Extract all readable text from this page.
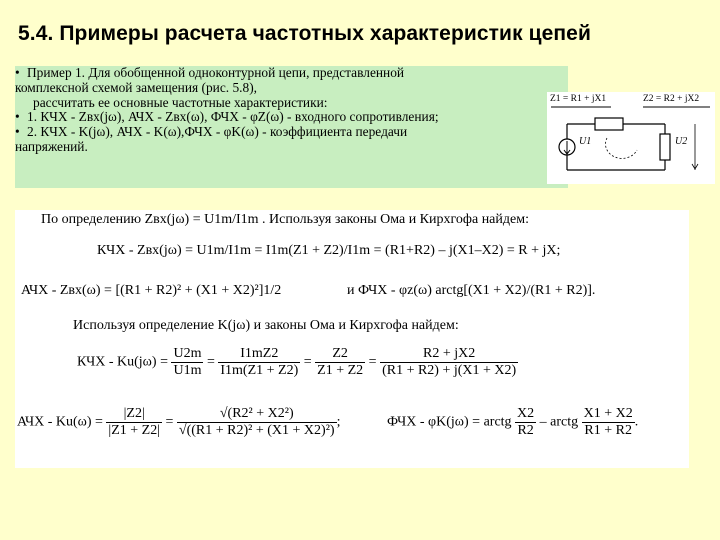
5.4. Примеры расчета частотных характеристик цепей

• Пример 1. Для обобщенной одноконтурной цепи, представленной

комплексной схемой замещения (рис. 5.8),

рассчитать ее основные частотные характеристики:

• 1. КЧХ - Zвх(jω), АЧХ - Zвх(ω), ФЧХ - φZ(ω) - входного сопротивления;

• 2. КЧХ - K(jω), АЧХ - K(ω),ФЧХ - φK(ω) - коэффициента передачи

напряжений.

Z1 = R1 + jX1	Z2 = R2 + jX2
U1	U2
По определению Zвх(jω) = U1m/I1m . Используя законы Ома и Кирхгофа найдем:
КЧХ - Zвх(jω) = U1m/I1m = I1m(Z1 + Z2)/I1m = (R1+R2) – j(X1–X2) = R + jX;
АЧХ - Zвх(ω) = [(R1 + R2)² + (X1 + X2)²]1/2	и ФЧХ - φz(ω) arctg[(X1 + X2)/(R1 + R2)].
Используя определение K(jω) и законы Ома и Кирхгофа найдем:
КЧХ - $Ku(j\omega) = \frac{U2m}{U1m} = \frac{I1mZ2}{I1m(Z1 + Z2)} = \frac{Z2}{Z1 + Z2} = \frac{R2 + jX2}{(R1 + R2) + j(X1 + X2)}$
АЧХ - $Ku(\omega) = \frac{|Z2|}{|Z1 + Z2|} = \frac{\text{√(R2² + X2²)}}{\text{√((R1 + R2)² + (X1 + X2)²)}}$ ;	ФЧХ - φK(jω) = arctg $\frac{X2}{R2}$ – arctg $\frac{X1 + X2}{R1 + R2}$ .
